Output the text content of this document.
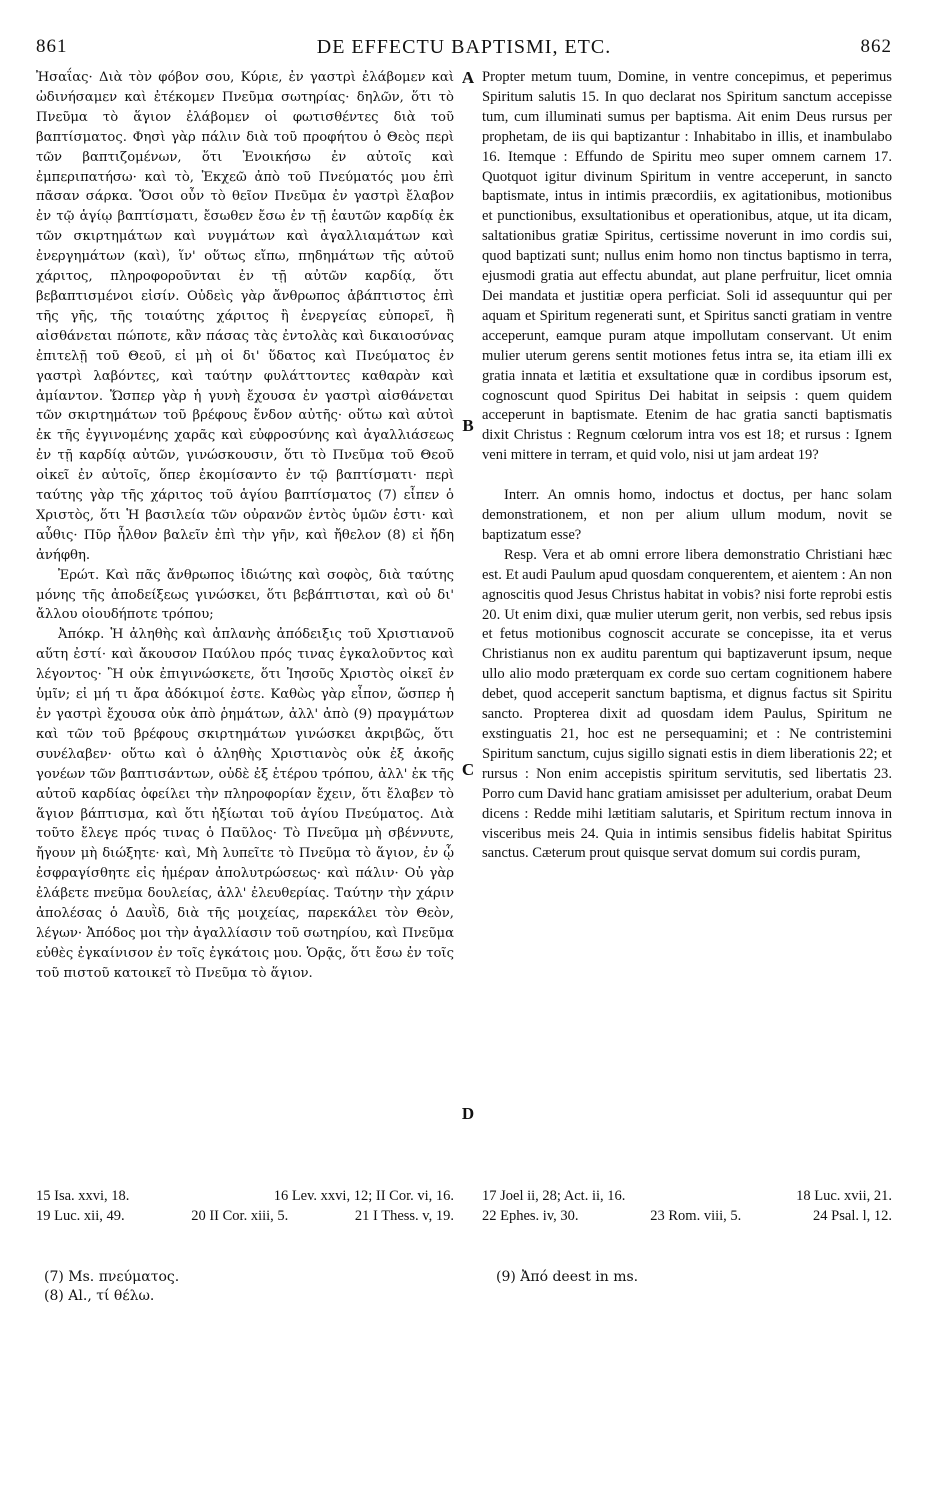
861	DE EFFECTU BAPTISMI, ETC.	862

Ἠσαΐας· Διὰ τὸν φόβον σου, Κύριε, ἐν γαστρὶ ἐλάβομεν καὶ ὠδινήσαμεν καὶ ἐτέκομεν Πνεῦμα σωτηρίας· δηλῶν, ὅτι τὸ Πνεῦμα τὸ ἅγιον ἐλάβομεν οἱ φωτισθέντες διὰ τοῦ βαπτίσματος. Φησὶ γὰρ πάλιν διὰ τοῦ προφήτου ὁ Θεὸς περὶ τῶν βαπτιζομένων, ὅτι Ἐνοικήσω ἐν αὐτοῖς καὶ ἐμπεριπατήσω· καὶ τὸ, Ἐκχεῶ ἀπὸ τοῦ Πνεύματός μου ἐπὶ πᾶσαν σάρκα. Ὅσοι οὖν τὸ θεῖον Πνεῦμα ἐν γαστρὶ ἔλαβον ἐν τῷ ἁγίῳ βαπτίσματι, ἔσωθεν ἔσω ἐν τῇ ἑαυτῶν καρδίᾳ ἐκ τῶν σκιρτημάτων καὶ νυγμάτων καὶ ἀγαλλιαμάτων καὶ ἐνεργημάτων (καὶ), ἵν' οὕτως εἴπω, πηδημάτων τῆς αὐτοῦ χάριτος, πληροφοροῦνται ἐν τῇ αὐτῶν καρδίᾳ, ὅτι βεβαπτισμένοι εἰσίν. Οὐδεὶς γὰρ ἄνθρωπος ἀβάπτιστος ἐπὶ τῆς γῆς, τῆς τοιαύτης χάριτος ἢ ἐνεργείας εὐπορεῖ, ἢ αἰσθάνεται πώποτε, κἂν πάσας τὰς ἐντολὰς καὶ δικαιοσύνας ἐπιτελῇ τοῦ Θεοῦ, εἰ μὴ οἱ δι' ὕδατος καὶ Πνεύματος ἐν γαστρὶ λαβόντες, καὶ ταύτην φυλάττοντες καθαρὰν καὶ ἀμίαντον. Ὥσπερ γὰρ ἡ γυνὴ ἔχουσα ἐν γαστρὶ αἰσθάνεται τῶν σκιρτημάτων τοῦ βρέφους ἔνδον αὐτῆς· οὕτω καὶ αὐτοὶ ἐκ τῆς ἐγγινομένης χαρᾶς καὶ εὐφροσύνης καὶ ἀγαλλιάσεως ἐν τῇ καρδίᾳ αὐτῶν, γινώσκουσιν, ὅτι τὸ Πνεῦμα τοῦ Θεοῦ οἰκεῖ ἐν αὐτοῖς, ὅπερ ἐκομίσαντο ἐν τῷ βαπτίσματι· περὶ ταύτης γὰρ τῆς χάριτος τοῦ ἁγίου βαπτίσματος (7) εἶπεν ὁ Χριστὸς, ὅτι Ἡ βασιλεία τῶν οὐρανῶν ἐντὸς ὑμῶν ἐστι· καὶ αὖθις· Πῦρ ἦλθον βαλεῖν ἐπὶ τὴν γῆν, καὶ ἤθελον (8) εἰ ἤδη ἀνήφθη.

Ἐρώτ. Καὶ πᾶς ἄνθρωπος ἰδιώτης καὶ σοφὸς, διὰ ταύτης μόνης τῆς ἀποδείξεως γινώσκει, ὅτι βεβάπτισται, καὶ οὐ δι' ἄλλου οἱουδήποτε τρόπου;

Ἀπόκρ. Ἡ ἀληθὴς καὶ ἀπλανὴς ἀπόδειξις τοῦ Χριστιανοῦ αὕτη ἐστί· καὶ ἄκουσον Παύλου πρός τινας ἐγκαλοῦντος καὶ λέγοντος· Ἢ οὐκ ἐπιγινώσκετε, ὅτι Ἰησοῦς Χριστὸς οἰκεῖ ἐν ὑμῖν; εἰ μή τι ἄρα ἀδόκιμοί ἐστε. Καθὼς γὰρ εἶπον, ὥσπερ ἡ ἐν γαστρὶ ἔχουσα οὐκ ἀπὸ ῥημάτων, ἀλλ' ἀπὸ (9) πραγμάτων καὶ τῶν τοῦ βρέφους σκιρτημάτων γινώσκει ἀκριβῶς, ὅτι συνέλαβεν· οὕτω καὶ ὁ ἀληθὴς Χριστιανὸς οὐκ ἐξ ἀκοῆς γονέων τῶν βαπτισάντων, οὐδὲ ἐξ ἑτέρου τρόπου, ἀλλ' ἐκ τῆς αὐτοῦ καρδίας ὀφείλει τὴν πληροφορίαν ἔχειν, ὅτι ἔλαβεν τὸ ἅγιον βάπτισμα, καὶ ὅτι ἠξίωται τοῦ ἁγίου Πνεύματος. Διὰ τοῦτο ἔλεγε πρός τινας ὁ Παῦλος· Τὸ Πνεῦμα μὴ σβέννυτε, ἤγουν μὴ διώξητε· καὶ, Μὴ λυπεῖτε τὸ Πνεῦμα τὸ ἅγιον, ἐν ᾧ ἐσφραγίσθητε εἰς ἡμέραν ἀπολυτρώσεως· καὶ πάλιν· Οὐ γὰρ ἐλάβετε πνεῦμα δουλείας, ἀλλ' ἐλευθερίας. Ταύτην τὴν χάριν ἀπολέσας ὁ Δαυῒδ, διὰ τῆς μοιχείας, παρεκάλει τὸν Θεὸν, λέγων· Ἀπόδος μοι τὴν ἀγαλλίασιν τοῦ σωτηρίου, καὶ Πνεῦμα εὐθὲς ἐγκαίνισον ἐν τοῖς ἐγκάτοις μου. Ὁρᾷς, ὅτι ἔσω ἐν τοῖς τοῦ πιστοῦ κατοικεῖ τὸ Πνεῦμα τὸ ἅγιον.

A
B
C
D

Propter metum tuum, Domine, in ventre concepimus, et peperimus Spiritum salutis 15. In quo declarat nos Spiritum sanctum accepisse tum, cum illuminati sumus per baptisma. Ait enim Deus rursus per prophetam, de iis qui baptizantur : Inhabitabo in illis, et inambulabo 16. Itemque : Effundo de Spiritu meo super omnem carnem 17. Quotquot igitur divinum Spiritum in ventre acceperunt, in sancto baptismate, intus in intimis præcordiis, ex agitationibus, motionibus et punctionibus, exsultationibus et operationibus, atque, ut ita dicam, saltationibus gratiæ Spiritus, certissime noverunt in imo cordis sui, quod baptizati sunt; nullus enim homo non tinctus baptismo in terra, ejusmodi gratia aut effectu abundat, aut plane perfruitur, licet omnia Dei mandata et justitiæ opera perficiat. Soli id assequuntur qui per aquam et Spiritum regenerati sunt, et Spiritus sancti gratiam in ventre acceperunt, eamque puram atque impollutam conservant. Ut enim mulier uterum gerens sentit motiones fetus intra se, ita etiam illi ex gratia innata et lætitia et exsultatione quæ in cordibus ipsorum est, cognoscunt quod Spiritus Dei habitat in seipsis : quem quidem acceperunt in baptismate. Etenim de hac gratia sancti baptismatis dixit Christus : Regnum cœlorum intra vos est 18; et rursus : Ignem veni mittere in terram, et quid volo, nisi ut jam ardeat 19?

Interr. An omnis homo, indoctus et doctus, per hanc solam demonstrationem, et non per alium ullum modum, novit se baptizatum esse?

Resp. Vera et ab omni errore libera demonstratio Christiani hæc est. Et audi Paulum apud quosdam conquerentem, et aientem : An non agnoscitis quod Jesus Christus habitat in vobis? nisi forte reprobi estis 20. Ut enim dixi, quæ mulier uterum gerit, non verbis, sed rebus ipsis et fetus motionibus cognoscit accurate se concepisse, ita et verus Christianus non ex auditu parentum qui baptizaverunt ipsum, neque ullo alio modo præterquam ex corde suo certam cognitionem habere debet, quod acceperit sanctum baptisma, et dignus factus sit Spiritu sancto. Propterea dixit ad quosdam idem Paulus, Spiritum ne exstinguatis 21, hoc est ne persequamini; et : Ne contristemini Spiritum sanctum, cujus sigillo signati estis in diem liberationis 22; et rursus : Non enim accepistis spiritum servitutis, sed libertatis 23. Porro cum David hanc gratiam amisisset per adulterium, orabat Deum dicens : Redde mihi lætitiam salutaris, et Spiritum rectum innova in visceribus meis 24. Quia in intimis sensibus fidelis habitat Spiritus sanctus. Cæterum prout quisque servat domum sui cordis puram,

15 Isa. xxvi, 18.	16 Lev. xxvi, 12; II Cor. vi, 16. 17 Joel ii, 28; Act. ii, 16.	18 Luc. xvii, 21.
19 Luc. xii, 49.	20 II Cor. xiii, 5.	21 I Thess. v, 19. 22 Ephes. iv, 30.	23 Rom. viii, 5.	24 Psal. l, 12.
(7) Ms. πνεύματος.
(8) Al., τί θέλω.
(9) Ἀπό deest in ms.
